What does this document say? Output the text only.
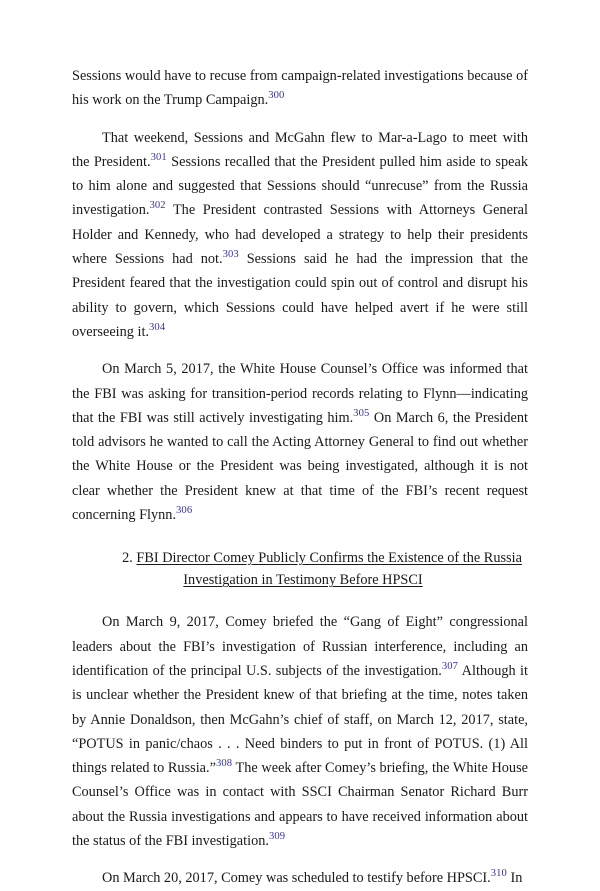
Sessions would have to recuse from campaign-related investigations because of his work on the Trump Campaign.$^{300}$

That weekend, Sessions and McGahn flew to Mar-a-Lago to meet with the President.$^{301}$ Sessions recalled that the President pulled him aside to speak to him alone and suggested that Sessions should “unrecuse” from the Russia investigation.$^{302}$ The President contrasted Sessions with Attorneys General Holder and Kennedy, who had developed a strategy to help their presidents where Sessions had not.$^{303}$ Sessions said he had the impression that the President feared that the investigation could spin out of control and disrupt his ability to govern, which Sessions could have helped avert if he were still overseeing it.$^{304}$

On March 5, 2017, the White House Counsel’s Office was informed that the FBI was asking for transition-period records relating to Flynn—indicating that the FBI was still actively investigating him.$^{305}$ On March 6, the President told advisors he wanted to call the Acting Attorney General to find out whether the White House or the President was being investigated, although it is not clear whether the President knew at that time of the FBI’s recent request concerning Flynn.$^{306}$

2. FBI Director Comey Publicly Confirms the Existence of the Russia
Investigation in Testimony Before HPSCI

On March 9, 2017, Comey briefed the “Gang of Eight” congressional leaders about the FBI’s investigation of Russian interference, including an identification of the principal U.S. subjects of the investigation.$^{307}$ Although it is unclear whether the President knew of that briefing at the time, notes taken by Annie Donaldson, then McGahn’s chief of staff, on March 12, 2017, state, “POTUS in panic/chaos . . . Need binders to put in front of POTUS. (1) All things related to Russia.”$^{308}$ The week after Comey’s briefing, the White House Counsel’s Office was in contact with SSCI Chairman Senator Richard Burr about the Russia investigations and appears to have received information about the status of the FBI investigation.$^{309}$

On March 20, 2017, Comey was scheduled to testify before HPSCI.$^{310}$ In
